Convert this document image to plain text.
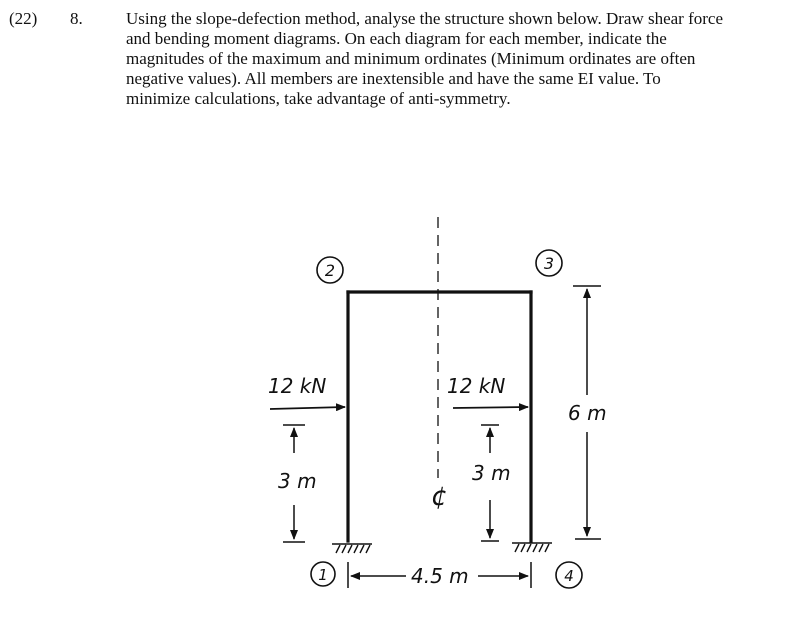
(22) 8.	Using the slope-defection method, analyse the structure shown below. Draw shear force
and bending moment diagrams. On each diagram for each member, indicate the
magnitudes of the maximum and minimum ordinates (Minimum ordinates are often
negative values). All members are inextensible and have the same EI value. To
minimize calculations, take advantage of anti-symmetry.

2	3
1	4
12 kN	12 kN
3 m	3 m
¢
6 m
4.5 m
